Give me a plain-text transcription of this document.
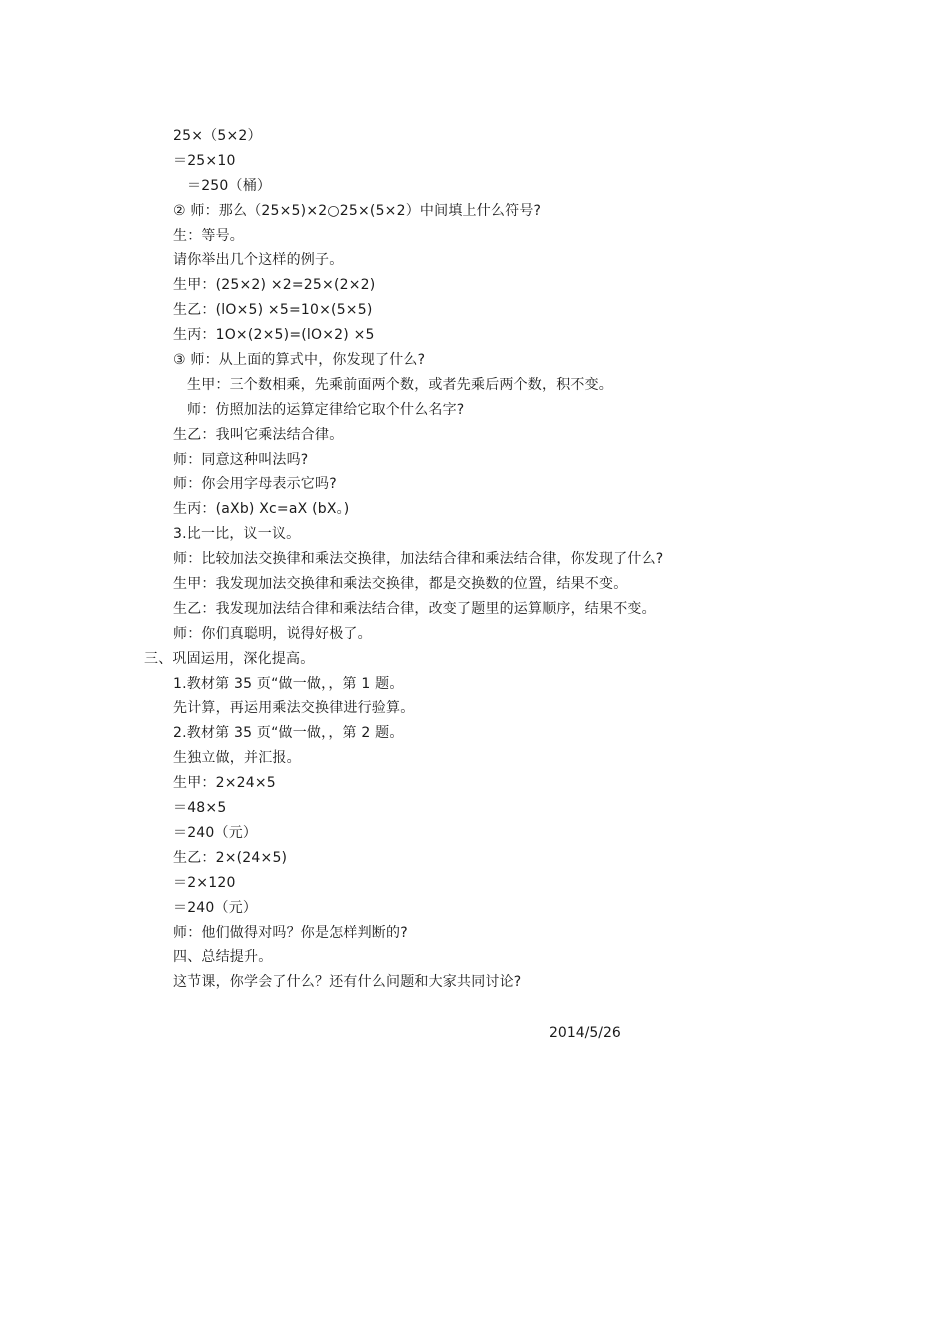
25×（5×2）
＝25×10
＝250（桶）
② 师：那么（25×5)×2○25×(5×2）中间填上什么符号?
生：等号。
请你举出几个这样的例子。
生甲：(25×2) ×2=25×(2×2)
生乙：(lO×5) ×5=10×(5×5)
生丙：1O×(2×5)=(lO×2) ×5
③ 师：从上面的算式中，你发现了什么?
生甲：三个数相乘，先乘前面两个数，或者先乘后两个数，积不变。
师：仿照加法的运算定律给它取个什么名字?
生乙：我叫它乘法结合律。
师：同意这种叫法吗?
师：你会用字母表示它吗?
生丙：(aXb) Xc=aX (bX。)
3.比一比，议一议。
师：比较加法交换律和乘法交换律，加法结合律和乘法结合律，你发现了什么?
生甲：我发现加法交换律和乘法交换律，都是交换数的位置，结果不变。
生乙：我发现加法结合律和乘法结合律，改变了题里的运算顺序，结果不变。
师：你们真聪明，说得好极了。
三、巩固运用，深化提高。
1.教材第 35 页“做一做，，第 1 题。
先计算，再运用乘法交换律进行验算。
2.教材第 35 页“做一做，，第 2 题。
生独立做，并汇报。
生甲：2×24×5
＝48×5
＝240（元）
生乙：2×(24×5)
＝2×120
＝240（元）
师：他们做得对吗？你是怎样判断的?
四、总结提升。
这节课，你学会了什么？还有什么问题和大家共同讨论?
2014/5/26
